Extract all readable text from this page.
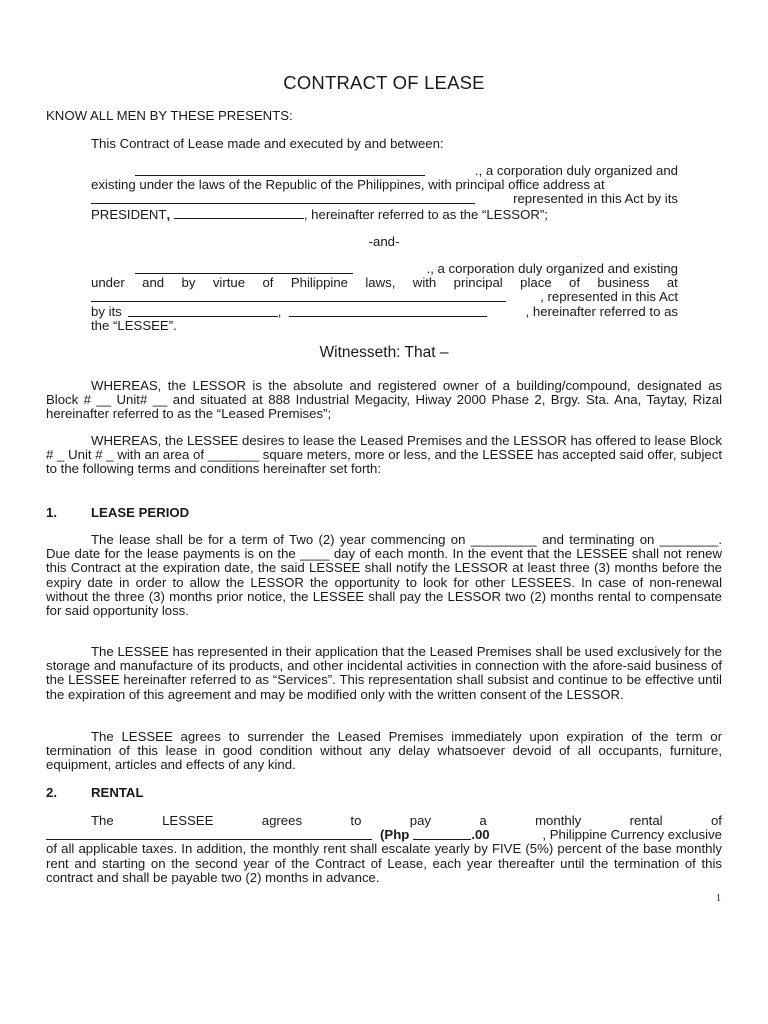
CONTRACT OF LEASE
KNOW ALL MEN BY THESE PRESENTS:
This Contract of Lease made and executed by and between:
., a corporation duly organized and
existing under the laws of the Republic of the Philippines, with principal office address at
represented in this Act by its
PRESIDENT,	, hereinafter referred to as the “LESSOR”;
-and-
., a corporation duly organized and existing
under and by virtue of Philippine laws, with principal place of business at
, represented in this Act
by its	,	, hereinafter referred to as
the “LESSEE”.
Witnesseth: That –
WHEREAS, the LESSOR is the absolute and registered owner of a building/compound, designated as Block # __ Unit# __ and situated at 888 Industrial Megacity, Hiway 2000 Phase 2, Brgy. Sta. Ana, Taytay, Rizal hereinafter referred to as the “Leased Premises”;
WHEREAS, the LESSEE desires to lease the Leased Premises and the LESSOR has offered to lease Block # _ Unit # _ with an area of _______ square meters, more or less, and the LESSEE has accepted said offer, subject to the following terms and conditions hereinafter set forth:
1.	LEASE PERIOD
The lease shall be for a term of Two (2) year commencing on _________ and terminating on ________. Due date for the lease payments is on the ____ day of each month. In the event that the LESSEE shall not renew this Contract at the expiration date, the said LESSEE shall notify the LESSOR at least three (3) months before the expiry date in order to allow the LESSOR the opportunity to look for other LESSEES. In case of non-renewal without the three (3) months prior notice, the LESSEE shall pay the LESSOR two (2) months rental to compensate for said opportunity loss.
The LESSEE has represented in their application that the Leased Premises shall be used exclusively for the storage and manufacture of its products, and other incidental activities in connection with the afore-said business of the LESSEE hereinafter referred to as “Services”. This representation shall subsist and continue to be effective until the expiration of this agreement and may be modified only with the written consent of the LESSOR.
The LESSEE agrees to surrender the Leased Premises immediately upon expiration of the term or termination of this lease in good condition without any delay whatsoever devoid of all occupants, furniture, equipment, articles and effects of any kind.
2.	RENTAL
The	LESSEE	agrees	to	pay	a	monthly	rental	of
(Php	.00	, Philippine Currency exclusive
of all applicable taxes. In addition, the monthly rent shall escalate yearly by FIVE (5%) percent of the base monthly rent and starting on the second year of the Contract of Lease, each year thereafter until the termination of this contract and shall be payable two (2) months in advance.
1
